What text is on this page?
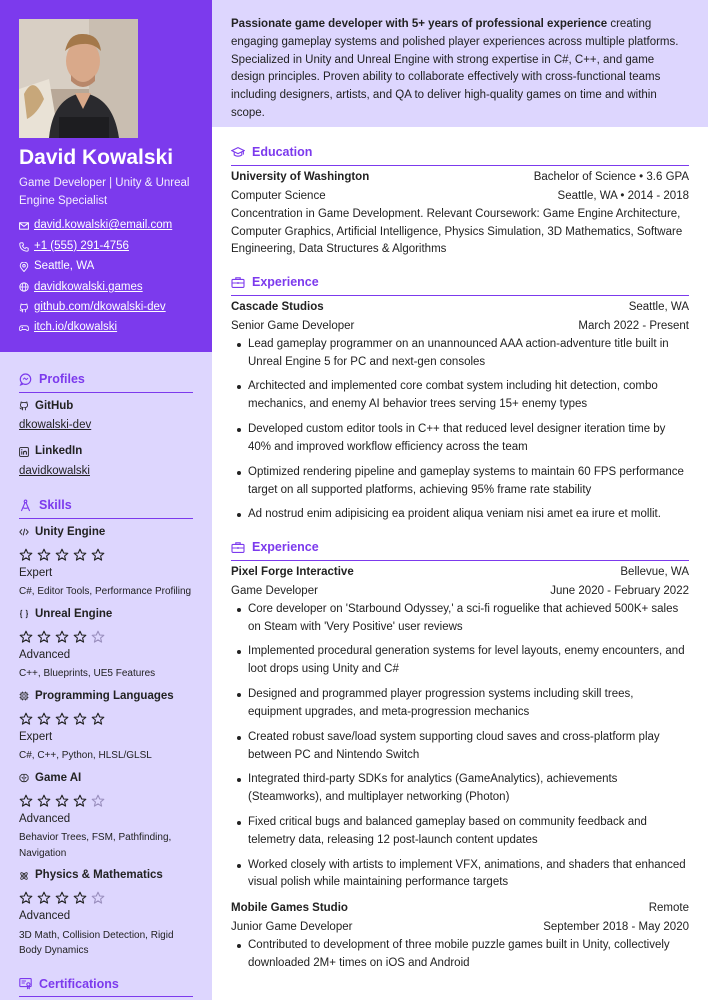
David Kowalski
Game Developer | Unity & Unreal Engine Specialist
david.kowalski@email.com
+1 (555) 291-4756
Seattle, WA
davidkowalski.games
github.com/dkowalski-dev
itch.io/dkowalski
Profiles
GitHub
dkowalski-dev
LinkedIn
davidkowalski
Skills
Unity Engine
Expert
C#, Editor Tools, Performance Profiling
Unreal Engine
Advanced
C++, Blueprints, UE5 Features
Programming Languages
Expert
C#, C++, Python, HLSL/GLSL
Game AI
Advanced
Behavior Trees, FSM, Pathfinding, Navigation
Physics & Mathematics
Advanced
3D Math, Collision Detection, Rigid Body Dynamics
Certifications
Passionate game developer with 5+ years of professional experience creating engaging gameplay systems and polished player experiences across multiple platforms. Specialized in Unity and Unreal Engine with strong expertise in C#, C++, and game design principles. Proven ability to collaborate effectively with cross-functional teams including designers, artists, and QA to deliver high-quality games on time and within scope.
Education
University of Washington	Bachelor of Science • 3.6 GPA
Computer Science	Seattle, WA • 2014 - 2018
Concentration in Game Development. Relevant Coursework: Game Engine Architecture, Computer Graphics, Artificial Intelligence, Physics Simulation, 3D Mathematics, Software Engineering, Data Structures & Algorithms
Experience
Cascade Studios	Seattle, WA
Senior Game Developer	March 2022 - Present
Lead gameplay programmer on an unannounced AAA action-adventure title built in Unreal Engine 5 for PC and next-gen consoles
Architected and implemented core combat system including hit detection, combo mechanics, and enemy AI behavior trees serving 15+ enemy types
Developed custom editor tools in C++ that reduced level designer iteration time by 40% and improved workflow efficiency across the team
Optimized rendering pipeline and gameplay systems to maintain 60 FPS performance target on all supported platforms, achieving 95% frame rate stability
Ad nostrud enim adipisicing ea proident aliqua veniam nisi amet ea irure et mollit.
Experience
Pixel Forge Interactive	Bellevue, WA
Game Developer	June 2020 - February 2022
Core developer on 'Starbound Odyssey,' a sci-fi roguelike that achieved 500K+ sales on Steam with 'Very Positive' user reviews
Implemented procedural generation systems for level layouts, enemy encounters, and loot drops using Unity and C#
Designed and programmed player progression systems including skill trees, equipment upgrades, and meta-progression mechanics
Created robust save/load system supporting cloud saves and cross-platform play between PC and Nintendo Switch
Integrated third-party SDKs for analytics (GameAnalytics), achievements (Steamworks), and multiplayer networking (Photon)
Fixed critical bugs and balanced gameplay based on community feedback and telemetry data, releasing 12 post-launch content updates
Worked closely with artists to implement VFX, animations, and shaders that enhanced visual polish while maintaining performance targets
Mobile Games Studio	Remote
Junior Game Developer	September 2018 - May 2020
Contributed to development of three mobile puzzle games built in Unity, collectively downloaded 2M+ times on iOS and Android
